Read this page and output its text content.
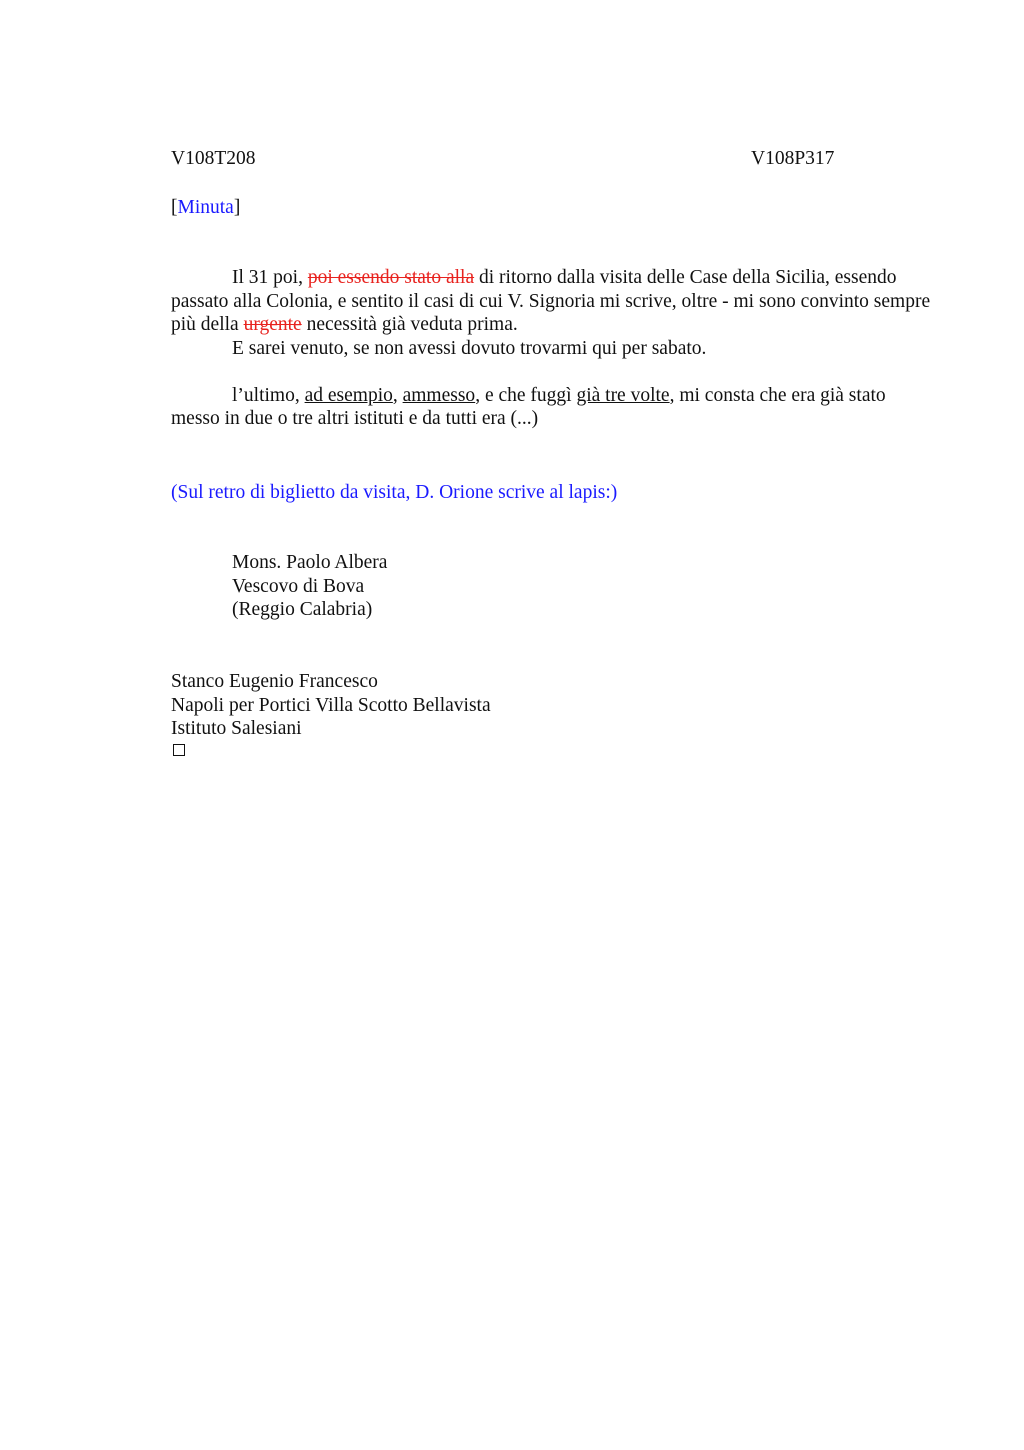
V108T208	V108P317
[Minuta]

Il 31 poi, poi essendo stato alla di ritorno dalla visita delle Case della Sicilia, essendo passato alla Colonia, e sentito il casi di cui V. Signoria mi scrive, oltre - mi sono convinto sempre più della urgente necessità già veduta prima.

E sarei venuto, se non avessi dovuto trovarmi qui per sabato.

l’ultimo, ad esempio, ammesso, e che fuggì già tre volte, mi consta che era già stato messo in due o tre altri istituti e da tutti era (...)

(Sul retro di biglietto da visita, D. Orione scrive al lapis:)
Mons. Paolo Albera
Vescovo di Bova
(Reggio Calabria)
Stanco Eugenio Francesco
Napoli per Portici Villa Scotto Bellavista
Istituto Salesiani
